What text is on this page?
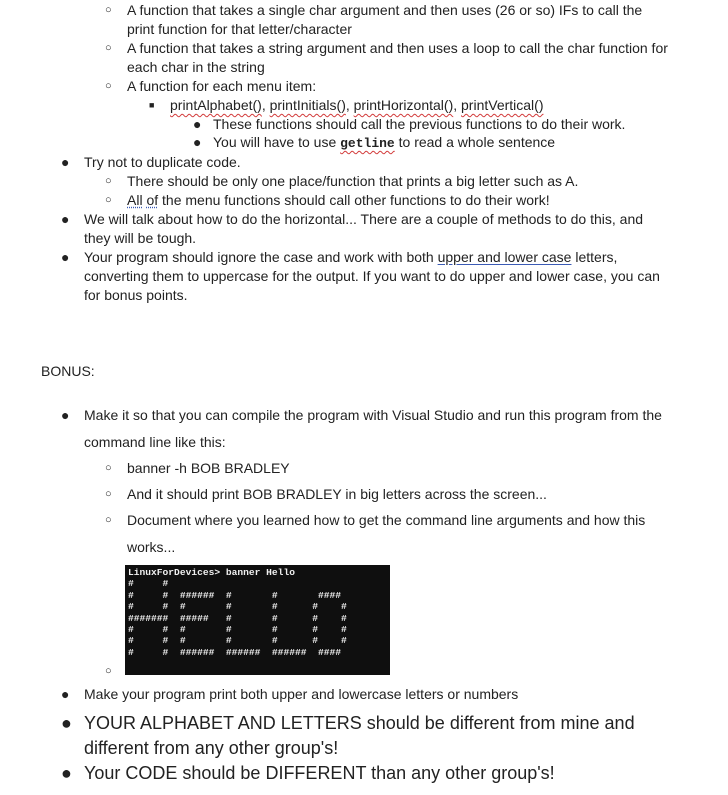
○ A function that takes a single char argument and then uses (26 or so) IFs to call the
print function for that letter/character
○ A function that takes a string argument and then uses a loop to call the char function for
each char in the string
○ A function for each menu item:
■ printAlphabet(), printInitials(), printHorizontal(), printVertical()
● These functions should call the previous functions to do their work.
● You will have to use getline to read a whole sentence
● Try not to duplicate code.
○ There should be only one place/function that prints a big letter such as A.
○ All of the menu functions should call other functions to do their work!
● We will talk about how to do the horizontal... There are a couple of methods to do this, and
they will be tough.
● Your program should ignore the case and work with both upper and lower case letters,
converting them to uppercase for the output. If you want to do upper and lower case, you can
for bonus points.
BONUS:
● Make it so that you can compile the program with Visual Studio and run this program from the
command line like this:
○ banner -h BOB BRADLEY
○ And it should print BOB BRADLEY in big letters across the screen...
○ Document where you learned how to get the command line arguments and how this
works...
LinuxForDevices> banner Hello
#     #
#     #  ######  #       #       ####
#     #  #       #       #      #    #
#######  #####   #       #      #    #
#     #  #       #       #      #    #
#     #  #       #       #      #    #
#     #  ######  ######  ######  ####
○
● Make your program print both upper and lowercase letters or numbers
● YOUR ALPHABET AND LETTERS should be different from mine and
different from any other group's!
● Your CODE should be DIFFERENT than any other group's!
